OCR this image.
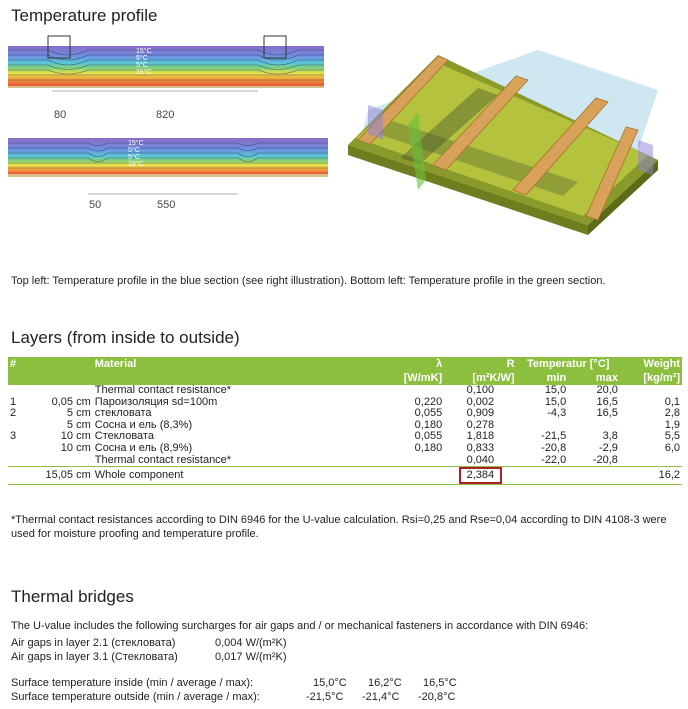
Temperature profile
15°C
5°C
5°C
15°C
80	820
15°C
5°C
5°C
15°C
50	550
Top left: Temperature profile in the blue section (see right illustration). Bottom left: Temperature profile in the green section.
Layers (from inside to outside)
#		Material	λ	R	Temperatur [°C]		Weight
			[W/mK]	[m²K/W]	min	max	[kg/m²]
		Thermal contact resistance*		0,100	15,0	20,0	
1	0,05 cm	Пароизоляция sd=100m	0,220	0,002	15,0	16,5	0,1
2	5 cm	стекловата	0,055	0,909	-4,3	16,5	2,8
	5 cm	Сосна и ель (8,3%)	0,180	0,278			1,9
3	10 cm	Стекловата	0,055	1,818	-21,5	3,8	5,5
	10 cm	Сосна и ель (8,9%)	0,180	0,833	-20,8	-2,9	6,0
		Thermal contact resistance*		0,040	-22,0	-20,8	
	15,05 cm	Whole component		2,384			16,2
*Thermal contact resistances according to DIN 6946 for the U-value calculation. Rsi=0,25 and Rse=0,04 according to DIN 4108-3 were used for moisture proofing and temperature profile.
Thermal bridges
The U-value includes the following surcharges for air gaps and / or mechanical fasteners in accordance with DIN 6946:
Air gaps in layer 2.1 (стекловата)	0,004 W/(m²K)
Air gaps in layer 3.1 (Стекловата)	0,017 W/(m²K)
Surface temperature inside (min / average / max):	15,0°C 16,2°C 16,5°C
Surface temperature outside (min / average / max):	-21,5°C -21,4°C -20,8°C
